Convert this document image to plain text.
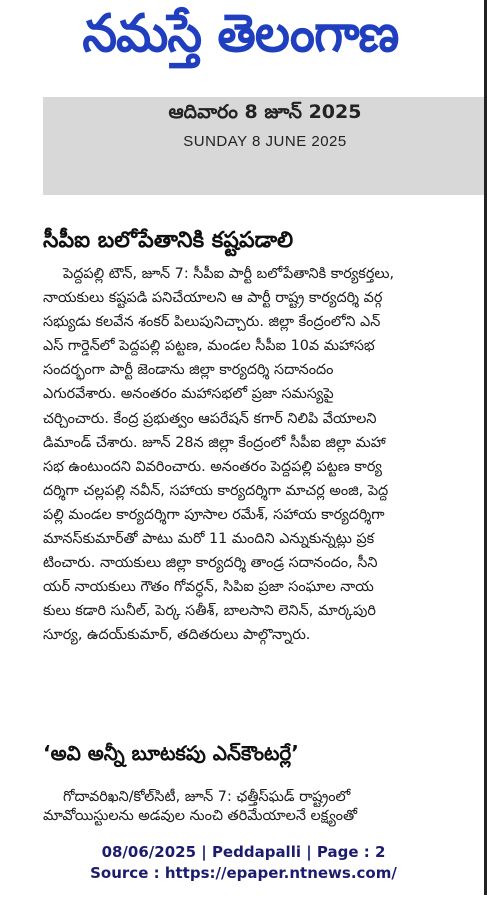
నమస్తే తెలంగాణ
ఆదివారం 8 జూన్ 2025
SUNDAY 8 JUNE 2025
సీపీఐ బలోపేతానికి కష్టపడాలి
పెద్దపల్లి టౌన్, జూన్ 7: సీపీఐ పార్టీ బలోపేతానికి కార్యకర్తలు,
నాయకులు కష్టపడి పనిచేయాలని ఆ పార్టీ రాష్ట్ర కార్యదర్శి వర్గ
సభ్యుడు కలవేన శంకర్ పిలుపునిచ్చారు. జిల్లా కేంద్రంలోని ఎన్
ఎస్ గార్డెన్‌లో పెద్దపల్లి పట్టణ, మండల సీపీఐ 10వ మహాసభ
సందర్భంగా పార్టీ జెండాను జిల్లా కార్యదర్శి సదానందం
ఎగురవేశారు. అనంతరం మహాసభలో ప్రజా సమస్యపై
చర్చించారు. కేంద్ర ప్రభుత్వం ఆపరేషన్ కగార్ నిలిపి వేయాలని
డిమాండ్ చేశారు. జూన్ 28న జిల్లా కేంద్రంలో సీపీఐ జిల్లా మహా
సభ ఉంటుందని వివరించారు. అనంతరం పెద్దపల్లి పట్టణ కార్య
దర్శిగా చల్లపల్లి నవీన్, సహాయ కార్యదర్శిగా మాచర్ల అంజి, పెద్ద
పల్లి మండల కార్యదర్శిగా పూసాల రమేశ్, సహాయ కార్యదర్శిగా
మానస్‌కుమార్‌తో పాటు మరో 11 మందిని ఎన్నుకున్నట్లు ప్రక
టించారు. నాయకులు జిల్లా కార్యదర్శి తాండ్ర సదానందం, సీని
యర్ నాయకులు గౌతం గోవర్ధన్, సిపిఐ ప్రజా సంఘాల నాయ
కులు కడారి సునీల్, పెర్క సతీశ్, బాలసాని లెనిన్, మార్కపురి
సూర్య, ఉదయ్‌కుమార్, తదితరులు పాల్గొన్నారు.
‘అవి అన్నీ బూటకపు ఎన్‌కౌంటర్లే’
గోదావరిఖని/కోల్‌సిటీ, జూన్ 7: ఛత్తీస్‌ఘడ్ రాష్ట్రంలో
మావోయిస్టులను అడవుల నుంచి తరిమేయాలనే లక్ష్యంతో
08/06/2025 | Peddapalli | Page : 2
Source : https://epaper.ntnews.com/
